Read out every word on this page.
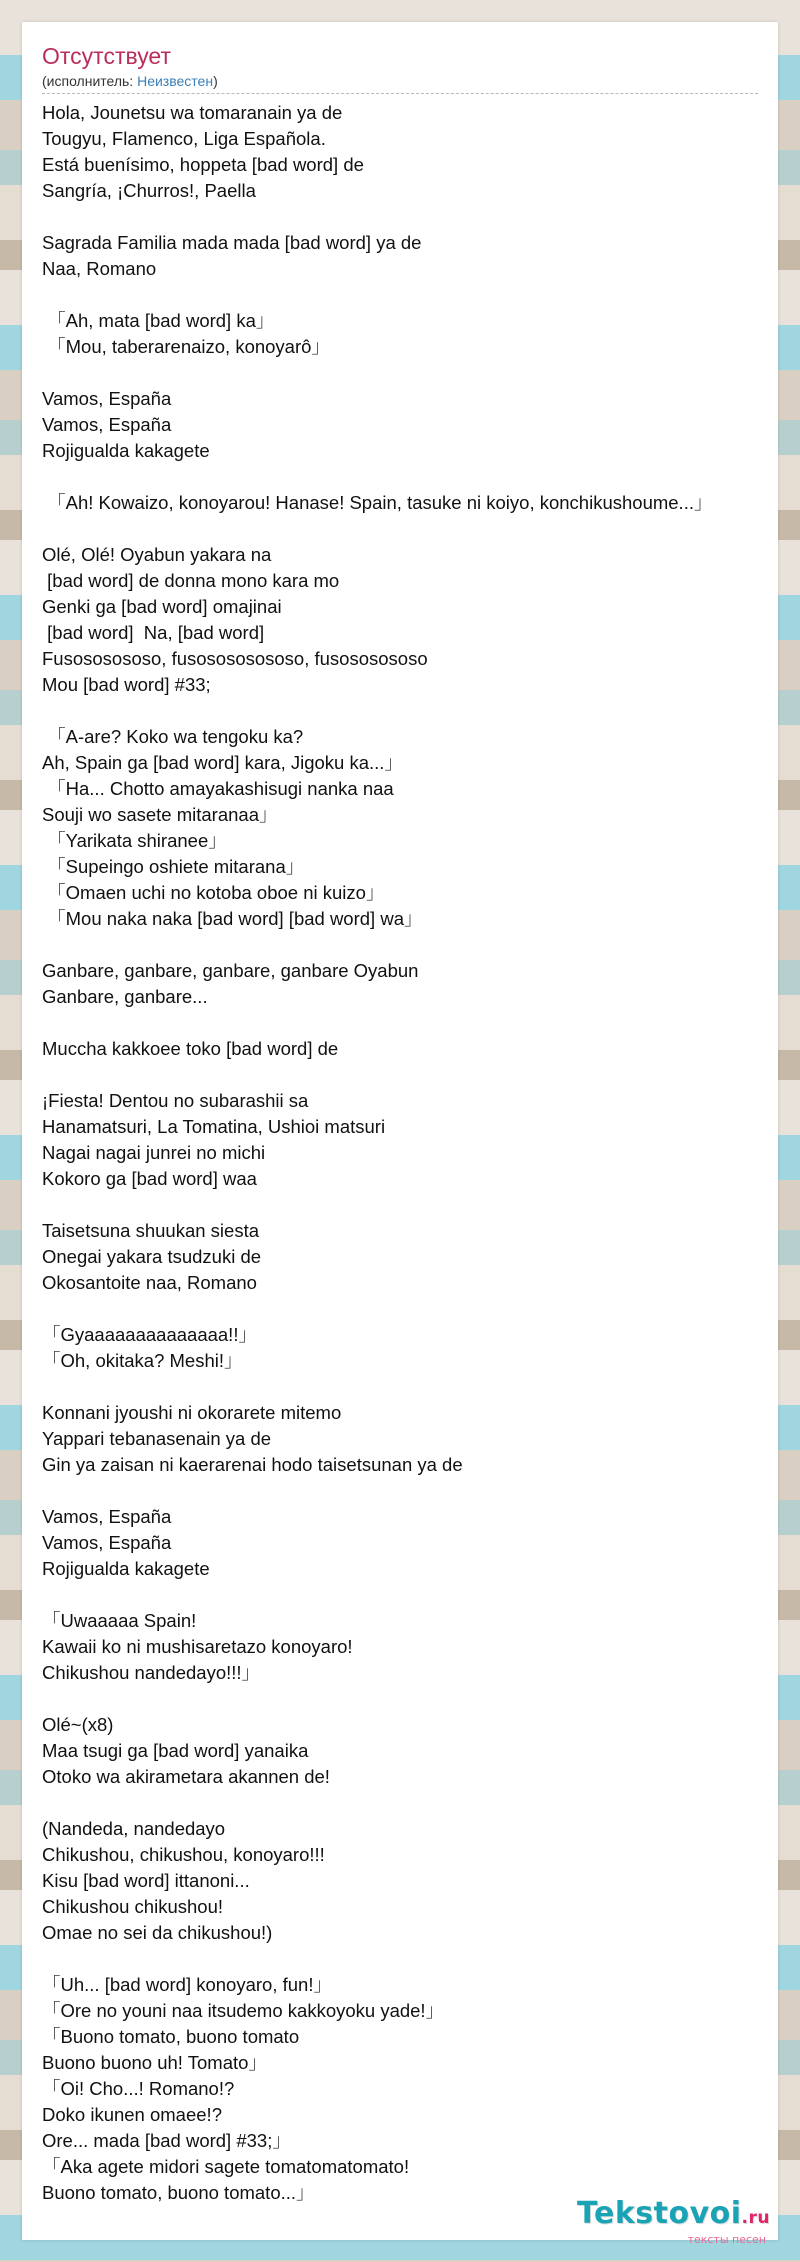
Отсутствует
(исполнитель: Неизвестен)
Hola, Jounetsu wa tomaranain ya de
Tougyu, Flamenco, Liga Española.
Está buenísimo, hoppeta [bad word] de
Sangría, ¡Churros!, Paella
Sagrada Familia mada mada [bad word] ya de
Naa, Romano
「Ah, mata [bad word] ka」
「Mou, taberarenaizo, konoyarô」
Vamos, España
Vamos, España
Rojigualda kakagete
「Ah! Kowaizo, konoyarou! Hanase! Spain, tasuke ni koiyo, konchikushoume...」
Olé, Olé! Oyabun yakara na
[bad word] de donna mono kara mo
Genki ga [bad word] omajinai
[bad word]  Na, [bad word]
Fusososososo, fusosososososo, fusososososo
Mou [bad word] #33;
「A-are? Koko wa tengoku ka?
Ah, Spain ga [bad word] kara, Jigoku ka...」
「Ha... Chotto amayakashisugi nanka naa
Souji wo sasete mitaranaa」
「Yarikata shiranee」
「Supeingo oshiete mitarana」
「Omaen uchi no kotoba oboe ni kuizo」
「Mou naka naka [bad word] [bad word] wa」
Ganbare, ganbare, ganbare, ganbare Oyabun
Ganbare, ganbare...
Muccha kakkoee toko [bad word] de
¡Fiesta! Dentou no subarashii sa
Hanamatsuri, La Tomatina, Ushioi matsuri
Nagai nagai junrei no michi
Kokoro ga [bad word] waa
Taisetsuna shuukan siesta
Onegai yakara tsudzuki de
Okosantoite naa, Romano
「Gyaaaaaaaaaaaaaa!!」
「Oh, okitaka? Meshi!」
Konnani jyoushi ni okorarete mitemo
Yappari tebanasenain ya de
Gin ya zaisan ni kaerarenai hodo taisetsunan ya de
Vamos, España
Vamos, España
Rojigualda kakagete
「Uwaaaaa Spain!
Kawaii ko ni mushisaretazo konoyaro!
Chikushou nandedayo!!!」
Olé~(x8)
Maa tsugi ga [bad word] yanaika
Otoko wa akirametara akannen de!
(Nandeda, nandedayo
Chikushou, chikushou, konoyaro!!!
Kisu [bad word] ittanoni...
Chikushou chikushou!
Omae no sei da chikushou!)
「Uh... [bad word] konoyaro, fun!」
「Ore no youni naa itsudemo kakkoyoku yade!」
「Buono tomato, buono tomato
Buono buono uh! Tomato」
「Oi! Cho...! Romano!?
Doko ikunen omaee!?
Ore... mada [bad word] #33;」
「Aka agete midori sagete tomatomatomato!
Buono tomato, buono tomato...」
Tekstovoi.ru
тексты песен
